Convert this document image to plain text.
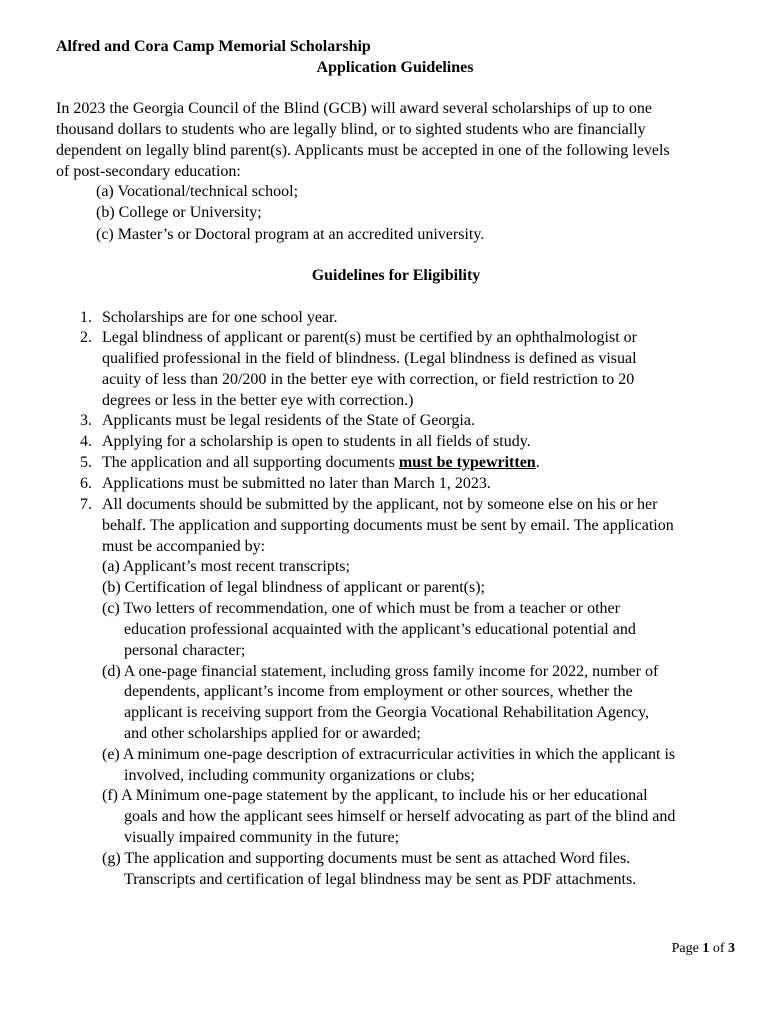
Alfred and Cora Camp Memorial Scholarship
Application Guidelines
In 2023 the Georgia Council of the Blind (GCB) will award several scholarships of up to one
thousand dollars to students who are legally blind, or to sighted students who are financially
dependent on legally blind parent(s). Applicants must be accepted in one of the following levels
of post-secondary education:
(a) Vocational/technical school;
(b) College or University;
(c) Master’s or Doctoral program at an accredited university.
Guidelines for Eligibility
1. Scholarships are for one school year.
2. Legal blindness of applicant or parent(s) must be certified by an ophthalmologist or
qualified professional in the field of blindness. (Legal blindness is defined as visual
acuity of less than 20/200 in the better eye with correction, or field restriction to 20
degrees or less in the better eye with correction.)
3. Applicants must be legal residents of the State of Georgia.
4. Applying for a scholarship is open to students in all fields of study.
5. The application and all supporting documents must be typewritten.
6. Applications must be submitted no later than March 1, 2023.
7. All documents should be submitted by the applicant, not by someone else on his or her
behalf. The application and supporting documents must be sent by email. The application
must be accompanied by:
(a) Applicant’s most recent transcripts;
(b) Certification of legal blindness of applicant or parent(s);
(c) Two letters of recommendation, one of which must be from a teacher or other
education professional acquainted with the applicant’s educational potential and
personal character;
(d) A one-page financial statement, including gross family income for 2022, number of
dependents, applicant’s income from employment or other sources, whether the
applicant is receiving support from the Georgia Vocational Rehabilitation Agency,
and other scholarships applied for or awarded;
(e) A minimum one-page description of extracurricular activities in which the applicant is
involved, including community organizations or clubs;
(f) A Minimum one-page statement by the applicant, to include his or her educational
goals and how the applicant sees himself or herself advocating as part of the blind and
visually impaired community in the future;
(g) The application and supporting documents must be sent as attached Word files.
Transcripts and certification of legal blindness may be sent as PDF attachments.
Page 1 of 3
